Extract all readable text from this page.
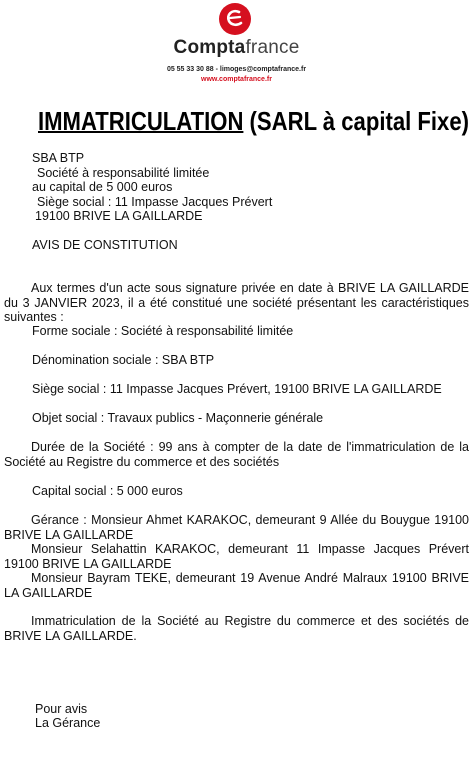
Comptafrance
05 55 33 30 88 - limoges@comptafrance.fr
www.comptafrance.fr
IMMATRICULATION (SARL à capital Fixe)
SBA BTP
Société à responsabilité limitée
au capital de 5 000 euros
Siège social : 11 Impasse Jacques Prévert
19100 BRIVE LA GAILLARDE
AVIS DE CONSTITUTION
Aux termes d'un acte sous signature privée en date à BRIVE LA GAILLARDE du 3 JANVIER 2023, il a été constitué une société présentant les caractéristiques suivantes :
Forme sociale : Société à responsabilité limitée
Dénomination sociale : SBA BTP
Siège social : 11 Impasse Jacques Prévert, 19100 BRIVE LA GAILLARDE
Objet social : Travaux publics - Maçonnerie générale
Durée de la Société : 99 ans à compter de la date de l'immatriculation de la Société au Registre du commerce et des sociétés
Capital social : 5 000 euros
Gérance : Monsieur Ahmet KARAKOC, demeurant 9 Allée du Bouygue 19100 BRIVE LA GAILLARDE
Monsieur Selahattin KARAKOC, demeurant 11 Impasse Jacques Prévert 19100 BRIVE LA GAILLARDE
Monsieur Bayram TEKE, demeurant 19 Avenue André Malraux 19100 BRIVE LA GAILLARDE
Immatriculation de la Société au Registre du commerce et des sociétés de BRIVE LA GAILLARDE.
Pour avis
La Gérance
